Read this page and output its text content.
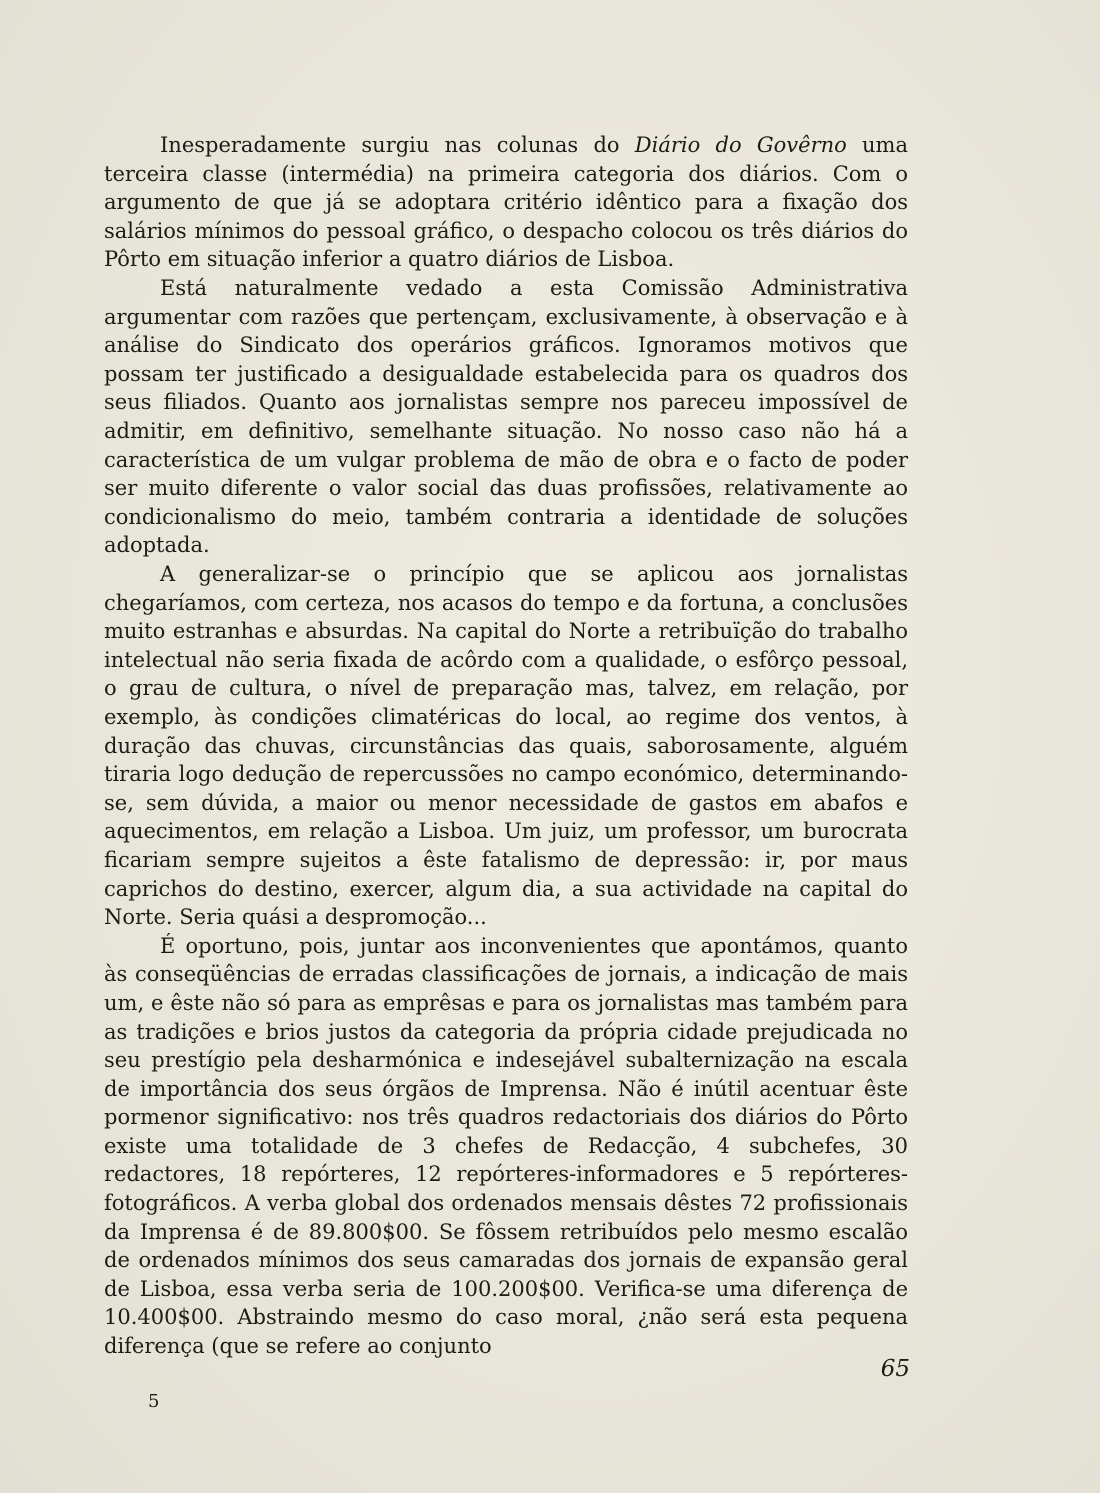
Inesperadamente surgiu nas colunas do Diário do Govêrno uma terceira classe (intermédia) na primeira categoria dos diários. Com o argumento de que já se adoptara critério idêntico para a fixação dos salários mínimos do pessoal gráfico, o despacho colocou os três diários do Pôrto em situação inferior a quatro diários de Lisboa.

Está naturalmente vedado a esta Comissão Administrativa argumentar com razões que pertençam, exclusivamente, à observação e à análise do Sindicato dos operários gráficos. Ignoramos motivos que possam ter justificado a desigualdade estabelecida para os quadros dos seus filiados. Quanto aos jornalistas sempre nos pareceu impossível de admitir, em definitivo, semelhante situação. No nosso caso não há a característica de um vulgar problema de mão de obra e o facto de poder ser muito diferente o valor social das duas profissões, relativamente ao condicionalismo do meio, também contraria a identidade de soluções adoptada.

A generalizar-se o princípio que se aplicou aos jornalistas chegaríamos, com certeza, nos acasos do tempo e da fortuna, a conclusões muito estranhas e absurdas. Na capital do Norte a retribuïção do trabalho intelectual não seria fixada de acôrdo com a qualidade, o esfôrço pessoal, o grau de cultura, o nível de preparação mas, talvez, em relação, por exemplo, às condições climatéricas do local, ao regime dos ventos, à duração das chuvas, circunstâncias das quais, saborosamente, alguém tiraria logo dedução de repercussões no campo económico, determinando-se, sem dúvida, a maior ou menor necessidade de gastos em abafos e aquecimentos, em relação a Lisboa. Um juiz, um professor, um burocrata ficariam sempre sujeitos a êste fatalismo de depressão: ir, por maus caprichos do destino, exercer, algum dia, a sua actividade na capital do Norte. Seria quási a despromoção...

É oportuno, pois, juntar aos inconvenientes que apontámos, quanto às conseqüências de erradas classificações de jornais, a indicação de mais um, e êste não só para as emprêsas e para os jornalistas mas também para as tradições e brios justos da categoria da própria cidade prejudicada no seu prestígio pela desharmónica e indesejável subalternização na escala de importância dos seus órgãos de Imprensa. Não é inútil acentuar êste pormenor significativo: nos três quadros redactoriais dos diários do Pôrto existe uma totalidade de 3 chefes de Redacção, 4 subchefes, 30 redactores, 18 repórteres, 12 repórteres-informadores e 5 repórteres-fotográficos. A verba global dos ordenados mensais dêstes 72 profissionais da Imprensa é de 89.800$00. Se fôssem retribuídos pelo mesmo escalão de ordenados mínimos dos seus camaradas dos jornais de expansão geral de Lisboa, essa verba seria de 100.200$00. Verifica-se uma diferença de 10.400$00. Abstraindo mesmo do caso moral, ¿não será esta pequena diferença (que se refere ao conjunto

65
5
